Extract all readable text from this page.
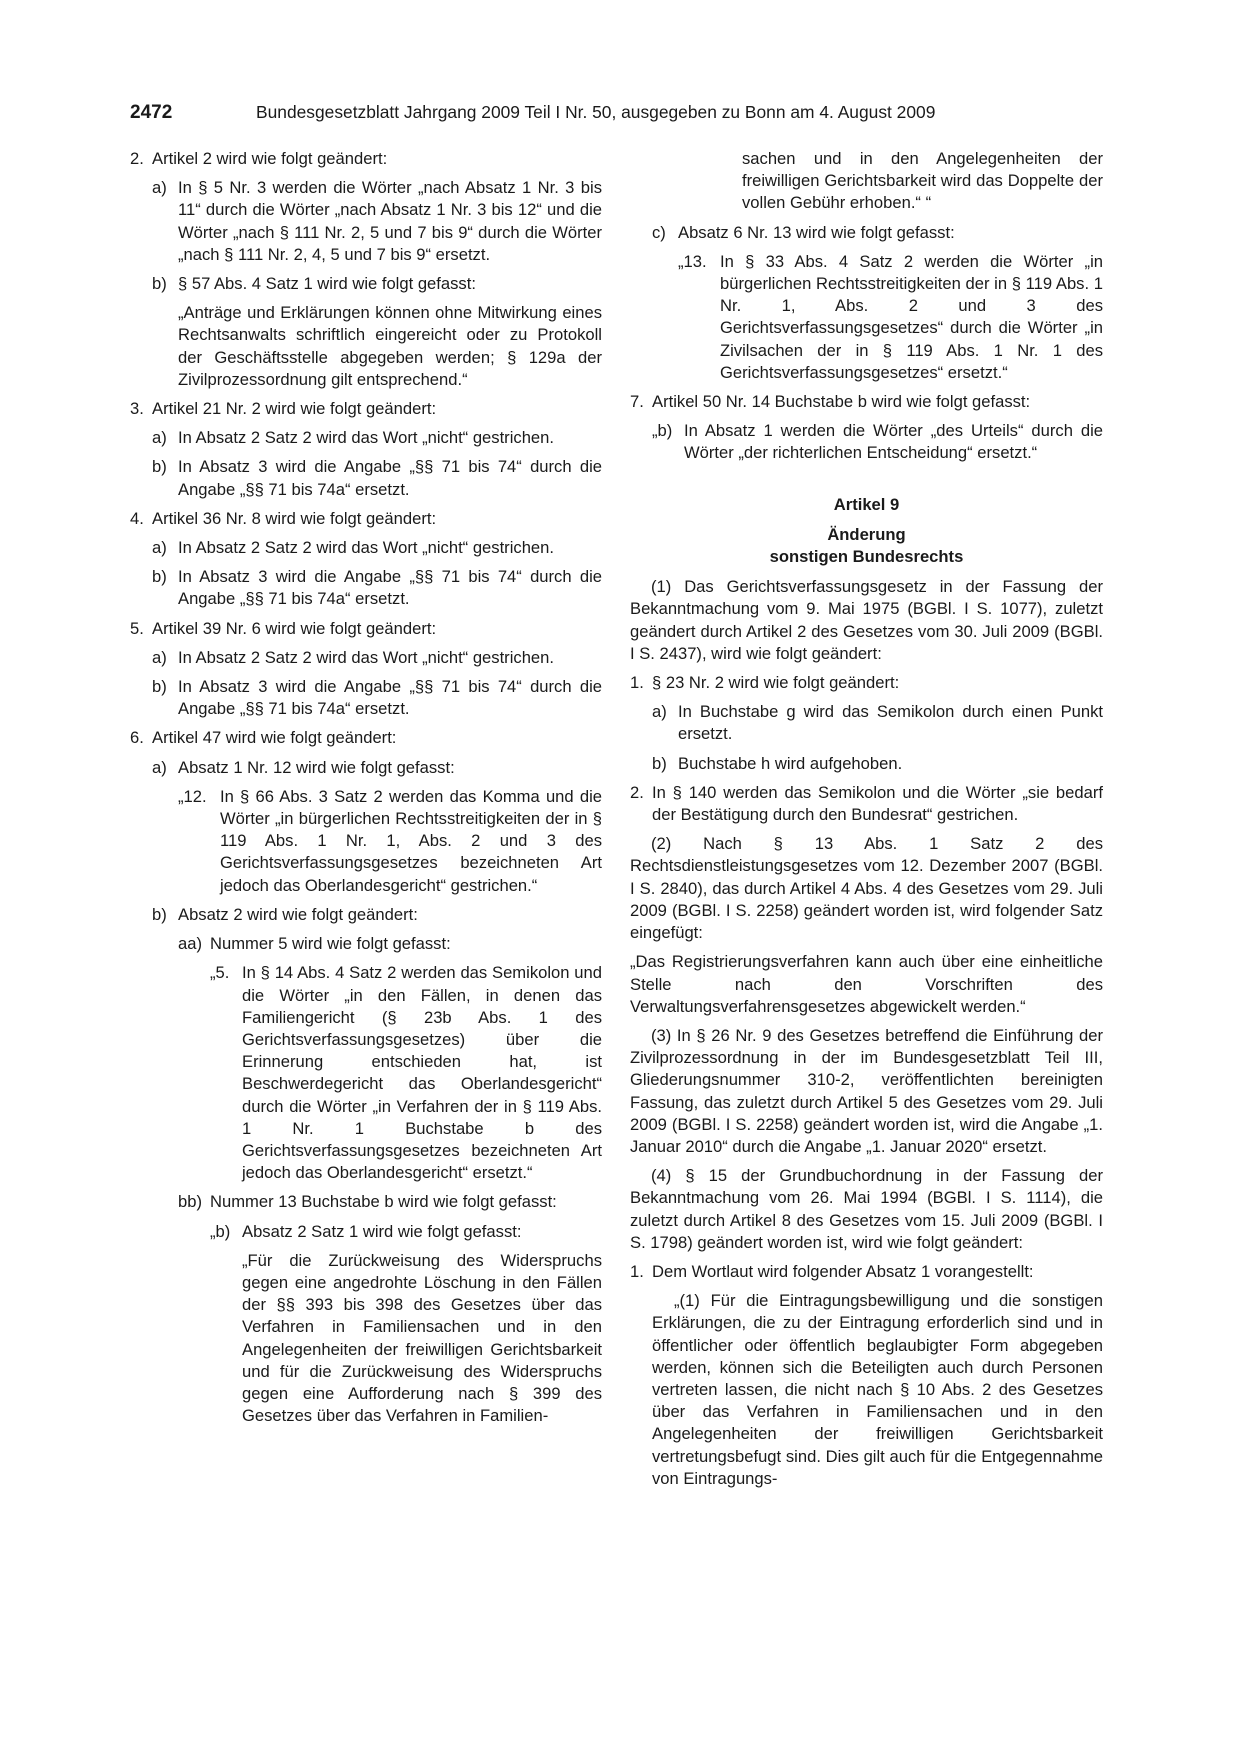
2472	Bundesgesetzblatt Jahrgang 2009 Teil I Nr. 50, ausgegeben zu Bonn am 4. August 2009
2. Artikel 2 wird wie folgt geändert:
a) In § 5 Nr. 3 werden die Wörter „nach Absatz 1 Nr. 3 bis 11“ durch die Wörter „nach Absatz 1 Nr. 3 bis 12“ und die Wörter „nach § 111 Nr. 2, 5 und 7 bis 9“ durch die Wörter „nach § 111 Nr. 2, 4, 5 und 7 bis 9“ ersetzt.
b) § 57 Abs. 4 Satz 1 wird wie folgt gefasst:
„Anträge und Erklärungen können ohne Mitwirkung eines Rechtsanwalts schriftlich eingereicht oder zu Protokoll der Geschäftsstelle abgegeben werden; § 129a der Zivilprozessordnung gilt entsprechend.“
3. Artikel 21 Nr. 2 wird wie folgt geändert:
a) In Absatz 2 Satz 2 wird das Wort „nicht“ gestrichen.
b) In Absatz 3 wird die Angabe „§§ 71 bis 74“ durch die Angabe „§§ 71 bis 74a“ ersetzt.
4. Artikel 36 Nr. 8 wird wie folgt geändert:
a) In Absatz 2 Satz 2 wird das Wort „nicht“ gestrichen.
b) In Absatz 3 wird die Angabe „§§ 71 bis 74“ durch die Angabe „§§ 71 bis 74a“ ersetzt.
5. Artikel 39 Nr. 6 wird wie folgt geändert:
a) In Absatz 2 Satz 2 wird das Wort „nicht“ gestrichen.
b) In Absatz 3 wird die Angabe „§§ 71 bis 74“ durch die Angabe „§§ 71 bis 74a“ ersetzt.
6. Artikel 47 wird wie folgt geändert:
a) Absatz 1 Nr. 12 wird wie folgt gefasst:
„12. In § 66 Abs. 3 Satz 2 werden das Komma und die Wörter „in bürgerlichen Rechtsstreitigkeiten der in § 119 Abs. 1 Nr. 1, Abs. 2 und 3 des Gerichtsverfassungsgesetzes bezeichneten Art jedoch das Oberlandesgericht“ gestrichen.“
b) Absatz 2 wird wie folgt geändert:
aa) Nummer 5 wird wie folgt gefasst:
„5. In § 14 Abs. 4 Satz 2 werden das Semikolon und die Wörter „in den Fällen, in denen das Familiengericht (§ 23b Abs. 1 des Gerichtsverfassungsgesetzes) über die Erinnerung entschieden hat, ist Beschwerdegericht das Oberlandesgericht“ durch die Wörter „in Verfahren der in § 119 Abs. 1 Nr. 1 Buchstabe b des Gerichtsverfassungsgesetzes bezeichneten Art jedoch das Oberlandesgericht“ ersetzt.“
bb) Nummer 13 Buchstabe b wird wie folgt gefasst:
„b) Absatz 2 Satz 1 wird wie folgt gefasst:
„Für die Zurückweisung des Widerspruchs gegen eine angedrohte Löschung in den Fällen der §§ 393 bis 398 des Gesetzes über das Verfahren in Familiensachen und in den Angelegenheiten der freiwilligen Gerichtsbarkeit und für die Zurückweisung des Widerspruchs gegen eine Aufforderung nach § 399 des Gesetzes über das Verfahren in Familien-
sachen und in den Angelegenheiten der freiwilligen Gerichtsbarkeit wird das Doppelte der vollen Gebühr erhoben.“ “
c) Absatz 6 Nr. 13 wird wie folgt gefasst:
„13. In § 33 Abs. 4 Satz 2 werden die Wörter „in bürgerlichen Rechtsstreitigkeiten der in § 119 Abs. 1 Nr. 1, Abs. 2 und 3 des Gerichtsverfassungsgesetzes“ durch die Wörter „in Zivilsachen der in § 119 Abs. 1 Nr. 1 des Gerichtsverfassungsgesetzes“ ersetzt.“
7. Artikel 50 Nr. 14 Buchstabe b wird wie folgt gefasst:
„b) In Absatz 1 werden die Wörter „des Urteils“ durch die Wörter „der richterlichen Entscheidung“ ersetzt.“
Artikel 9
Änderung
sonstigen Bundesrechts
(1) Das Gerichtsverfassungsgesetz in der Fassung der Bekanntmachung vom 9. Mai 1975 (BGBl. I S. 1077), zuletzt geändert durch Artikel 2 des Gesetzes vom 30. Juli 2009 (BGBl. I S. 2437), wird wie folgt geändert:
1. § 23 Nr. 2 wird wie folgt geändert:
a) In Buchstabe g wird das Semikolon durch einen Punkt ersetzt.
b) Buchstabe h wird aufgehoben.
2. In § 140 werden das Semikolon und die Wörter „sie bedarf der Bestätigung durch den Bundesrat“ gestrichen.
(2) Nach § 13 Abs. 1 Satz 2 des Rechtsdienstleistungsgesetzes vom 12. Dezember 2007 (BGBl. I S. 2840), das durch Artikel 4 Abs. 4 des Gesetzes vom 29. Juli 2009 (BGBl. I S. 2258) geändert worden ist, wird folgender Satz eingefügt:
„Das Registrierungsverfahren kann auch über eine einheitliche Stelle nach den Vorschriften des Verwaltungsverfahrensgesetzes abgewickelt werden.“
(3) In § 26 Nr. 9 des Gesetzes betreffend die Einführung der Zivilprozessordnung in der im Bundesgesetzblatt Teil III, Gliederungsnummer 310-2, veröffentlichten bereinigten Fassung, das zuletzt durch Artikel 5 des Gesetzes vom 29. Juli 2009 (BGBl. I S. 2258) geändert worden ist, wird die Angabe „1. Januar 2010“ durch die Angabe „1. Januar 2020“ ersetzt.
(4) § 15 der Grundbuchordnung in der Fassung der Bekanntmachung vom 26. Mai 1994 (BGBl. I S. 1114), die zuletzt durch Artikel 8 des Gesetzes vom 15. Juli 2009 (BGBl. I S. 1798) geändert worden ist, wird wie folgt geändert:
1. Dem Wortlaut wird folgender Absatz 1 vorangestellt:
„(1) Für die Eintragungsbewilligung und die sonstigen Erklärungen, die zu der Eintragung erforderlich sind und in öffentlicher oder öffentlich beglaubigter Form abgegeben werden, können sich die Beteiligten auch durch Personen vertreten lassen, die nicht nach § 10 Abs. 2 des Gesetzes über das Verfahren in Familiensachen und in den Angelegenheiten der freiwilligen Gerichtsbarkeit vertretungsbefugt sind. Dies gilt auch für die Entgegennahme von Eintragungs-
